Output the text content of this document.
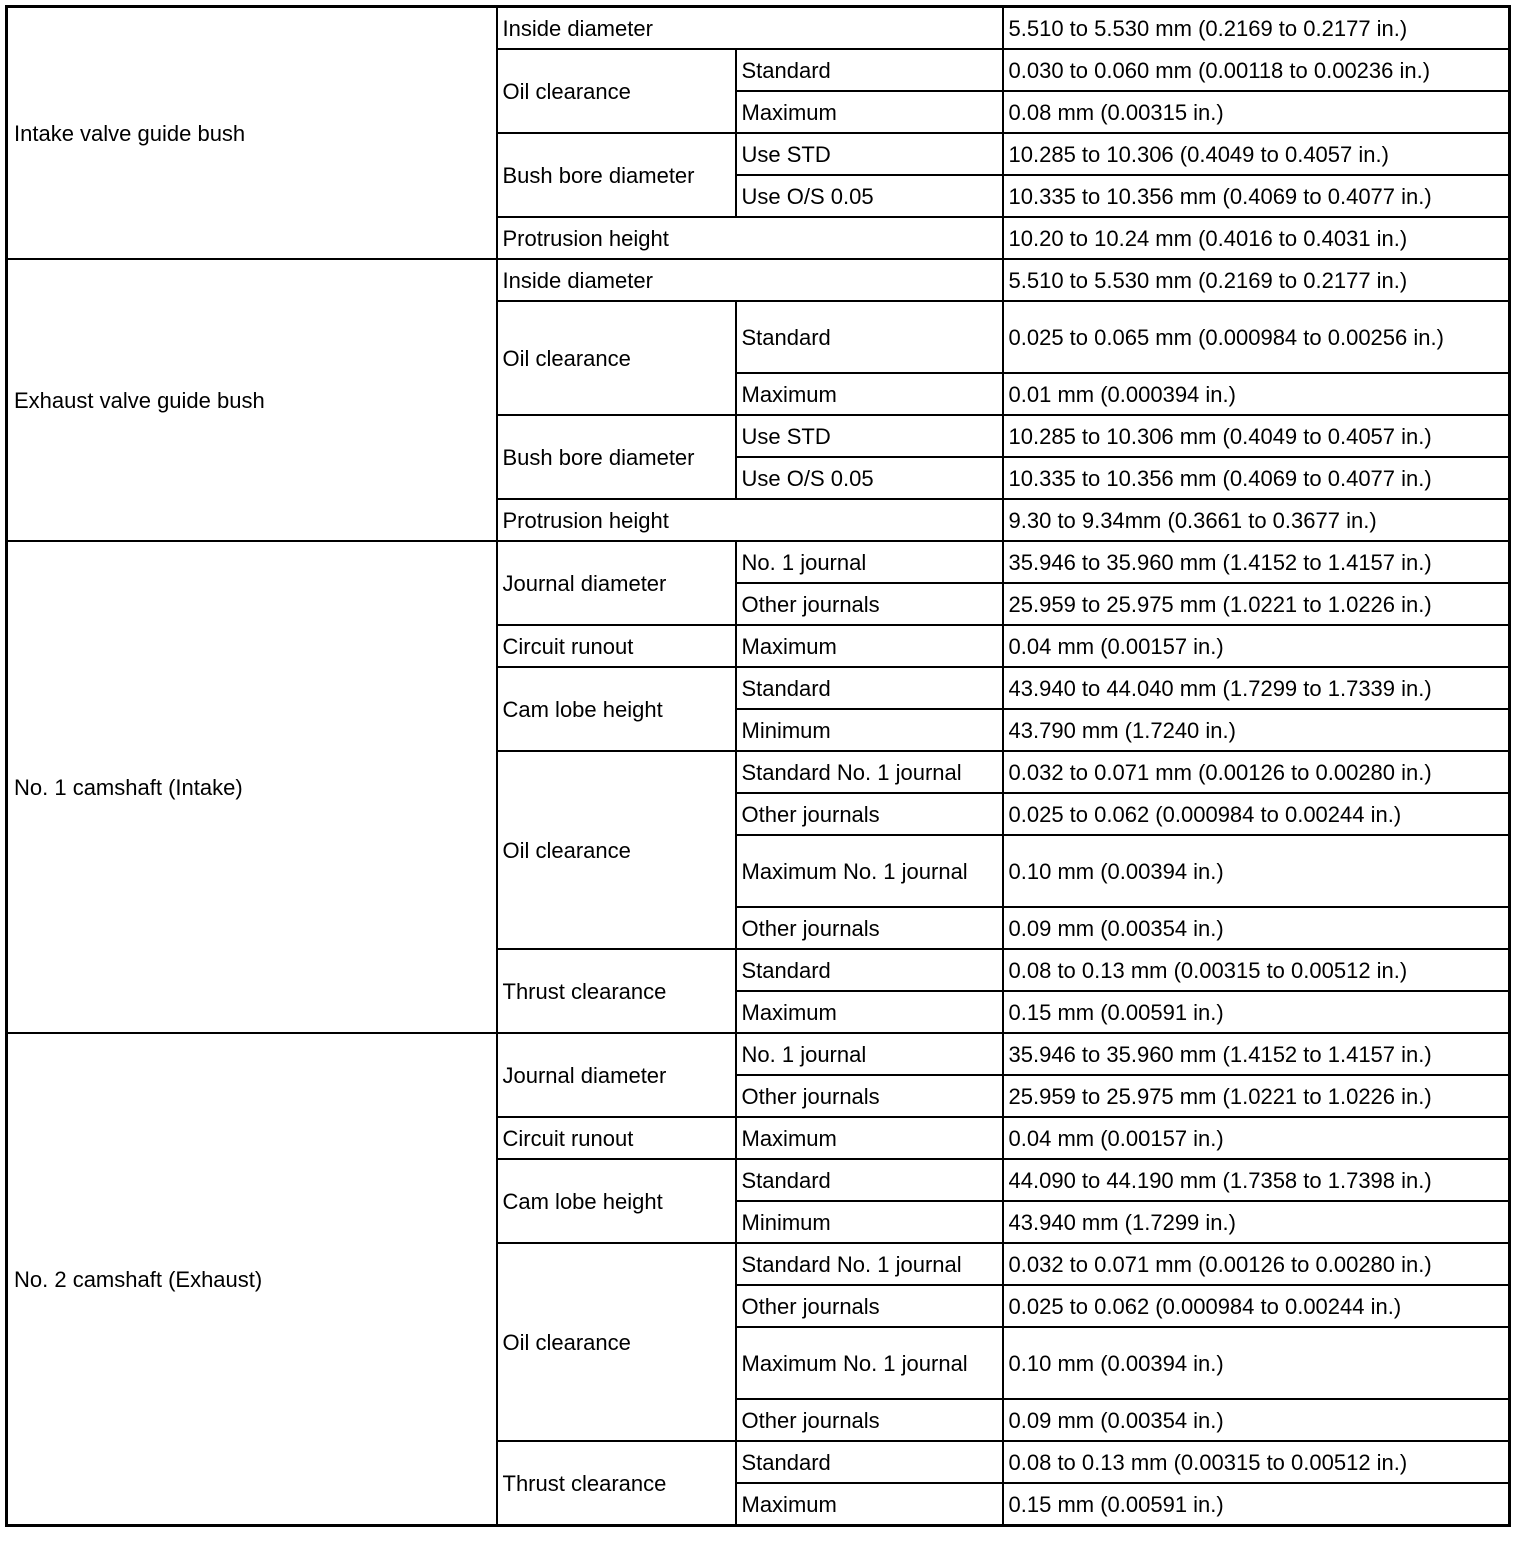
Intake valve guide bush	Inside diameter		5.510 to 5.530 mm (0.2169 to 0.2177 in.)
	Oil clearance	Standard	0.030 to 0.060 mm (0.00118 to 0.00236 in.)
		Maximum	0.08 mm (0.00315 in.)
	Bush bore diameter	Use STD	10.285 to 10.306 (0.4049 to 0.4057 in.)
		Use O/S 0.05	10.335 to 10.356 mm (0.4069 to 0.4077 in.)
	Protrusion height		10.20 to 10.24 mm (0.4016 to 0.4031 in.)
Exhaust valve guide bush	Inside diameter		5.510 to 5.530 mm (0.2169 to 0.2177 in.)
	Oil clearance	Standard	0.025 to 0.065 mm (0.000984 to 0.00256 in.)
		Maximum	0.01 mm (0.000394 in.)
	Bush bore diameter	Use STD	10.285 to 10.306 mm (0.4049 to 0.4057 in.)
		Use O/S 0.05	10.335 to 10.356 mm (0.4069 to 0.4077 in.)
	Protrusion height		9.30 to 9.34mm (0.3661 to 0.3677 in.)
No. 1 camshaft (Intake)	Journal diameter	No. 1 journal	35.946 to 35.960 mm (1.4152 to 1.4157 in.)
		Other journals	25.959 to 25.975 mm (1.0221 to 1.0226 in.)
	Circuit runout	Maximum	0.04 mm (0.00157 in.)
	Cam lobe height	Standard	43.940 to 44.040 mm (1.7299 to 1.7339 in.)
		Minimum	43.790 mm (1.7240 in.)
	Oil clearance	Standard No. 1 journal	0.032 to 0.071 mm (0.00126 to 0.00280 in.)
		Other journals	0.025 to 0.062 (0.000984 to 0.00244 in.)
		Maximum No. 1 journal	0.10 mm (0.00394 in.)
		Other journals	0.09 mm (0.00354 in.)
	Thrust clearance	Standard	0.08 to 0.13 mm (0.00315 to 0.00512 in.)
		Maximum	0.15 mm (0.00591 in.)
No. 2 camshaft (Exhaust)	Journal diameter	No. 1 journal	35.946 to 35.960 mm (1.4152 to 1.4157 in.)
		Other journals	25.959 to 25.975 mm (1.0221 to 1.0226 in.)
	Circuit runout	Maximum	0.04 mm (0.00157 in.)
	Cam lobe height	Standard	44.090 to 44.190 mm (1.7358 to 1.7398 in.)
		Minimum	43.940 mm (1.7299 in.)
	Oil clearance	Standard No. 1 journal	0.032 to 0.071 mm (0.00126 to 0.00280 in.)
		Other journals	0.025 to 0.062 (0.000984 to 0.00244 in.)
		Maximum No. 1 journal	0.10 mm (0.00394 in.)
		Other journals	0.09 mm (0.00354 in.)
	Thrust clearance	Standard	0.08 to 0.13 mm (0.00315 to 0.00512 in.)
		Maximum	0.15 mm (0.00591 in.)
